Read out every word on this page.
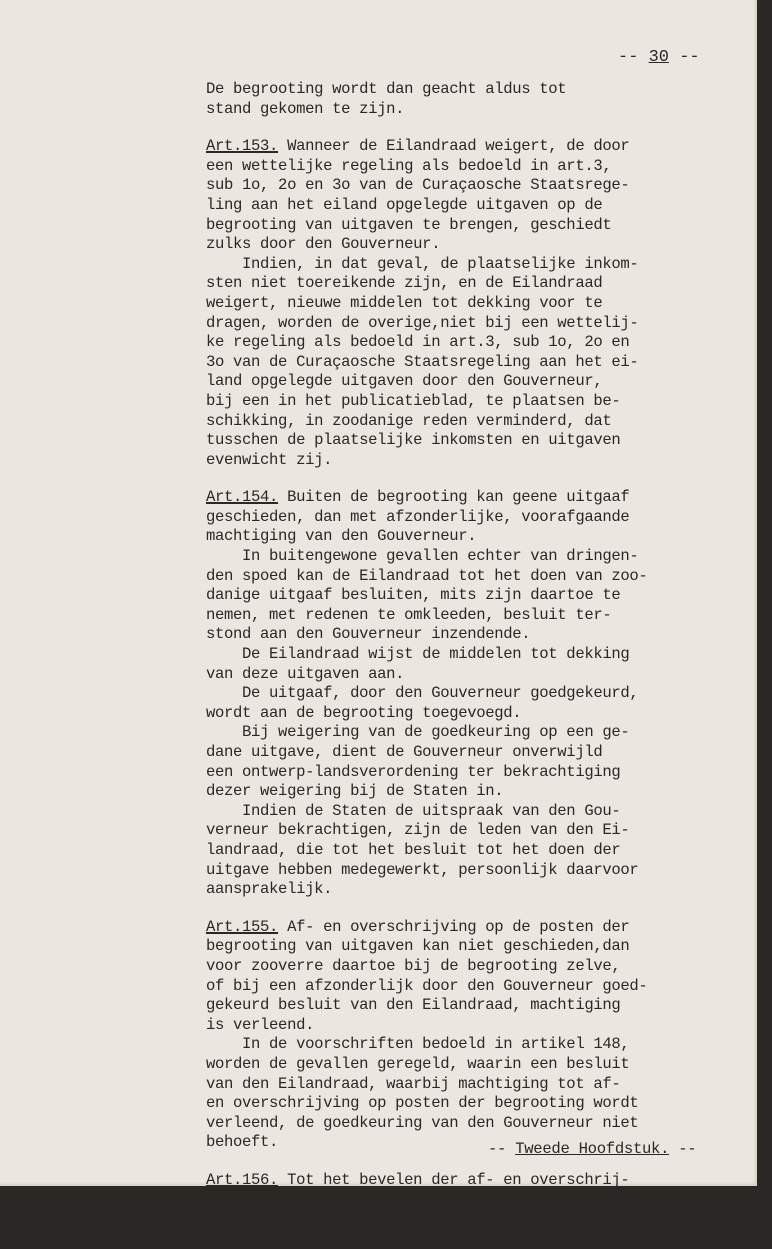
-- 30 --
De begrooting wordt dan geacht aldus tot
stand gekomen te zijn.
Art.153. Wanneer de Eilandraad weigert, de door
een wettelijke regeling als bedoeld in art.3,
sub 1o, 2o en 3o van de Curaçaosche Staatsrege-
ling aan het eiland opgelegde uitgaven op de
begrooting van uitgaven te brengen, geschiedt
zulks door den Gouverneur.
Indien, in dat geval, de plaatselijke inkom-
sten niet toereikende zijn, en de Eilandraad
weigert, nieuwe middelen tot dekking voor te
dragen, worden de overige,niet bij een wettelij-
ke regeling als bedoeld in art.3, sub 1o, 2o en
3o van de Curaçaosche Staatsregeling aan het ei-
land opgelegde uitgaven door den Gouverneur,
bij een in het publicatieblad, te plaatsen be-
schikking, in zoodanige reden verminderd, dat
tusschen de plaatselijke inkomsten en uitgaven
evenwicht zij.
Art.154. Buiten de begrooting kan geene uitgaaf
geschieden, dan met afzonderlijke, voorafgaande
machtiging van den Gouverneur.
In buitengewone gevallen echter van dringen-
den spoed kan de Eilandraad tot het doen van zoo-
danige uitgaaf besluiten, mits zijn daartoe te
nemen, met redenen te omkleeden, besluit ter-
stond aan den Gouverneur inzendende.
De Eilandraad wijst de middelen tot dekking
van deze uitgaven aan.
De uitgaaf, door den Gouverneur goedgekeurd,
wordt aan de begrooting toegevoegd.
Bij weigering van de goedkeuring op een ge-
dane uitgave, dient de Gouverneur onverwijld
een ontwerp-landsverordening ter bekrachtiging
dezer weigering bij de Staten in.
Indien de Staten de uitspraak van den Gou-
verneur bekrachtigen, zijn de leden van den Ei-
landraad, die tot het besluit tot het doen der
uitgave hebben medegewerkt, persoonlijk daarvoor
aansprakelijk.
Art.155. Af- en overschrijving op de posten der
begrooting van uitgaven kan niet geschieden,dan
voor zooverre daartoe bij de begrooting zelve,
of bij een afzonderlijk door den Gouverneur goed-
gekeurd besluit van den Eilandraad, machtiging
is verleend.
In de voorschriften bedoeld in artikel 148,
worden de gevallen geregeld, waarin een besluit
van den Eilandraad, waarbij machtiging tot af-
en overschrijving op posten der begrooting wordt
verleend, de goedkeuring van den Gouverneur niet
behoeft.
Art.156. Tot het bevelen der af- en overschrij-
vingen, waartoe bij de begrooting machtiging word
verleend, behooven Gezaghebber en Landraden in
elk geval de toestemming van den Eilandraad.
-- Tweede Hoofdstuk. --
